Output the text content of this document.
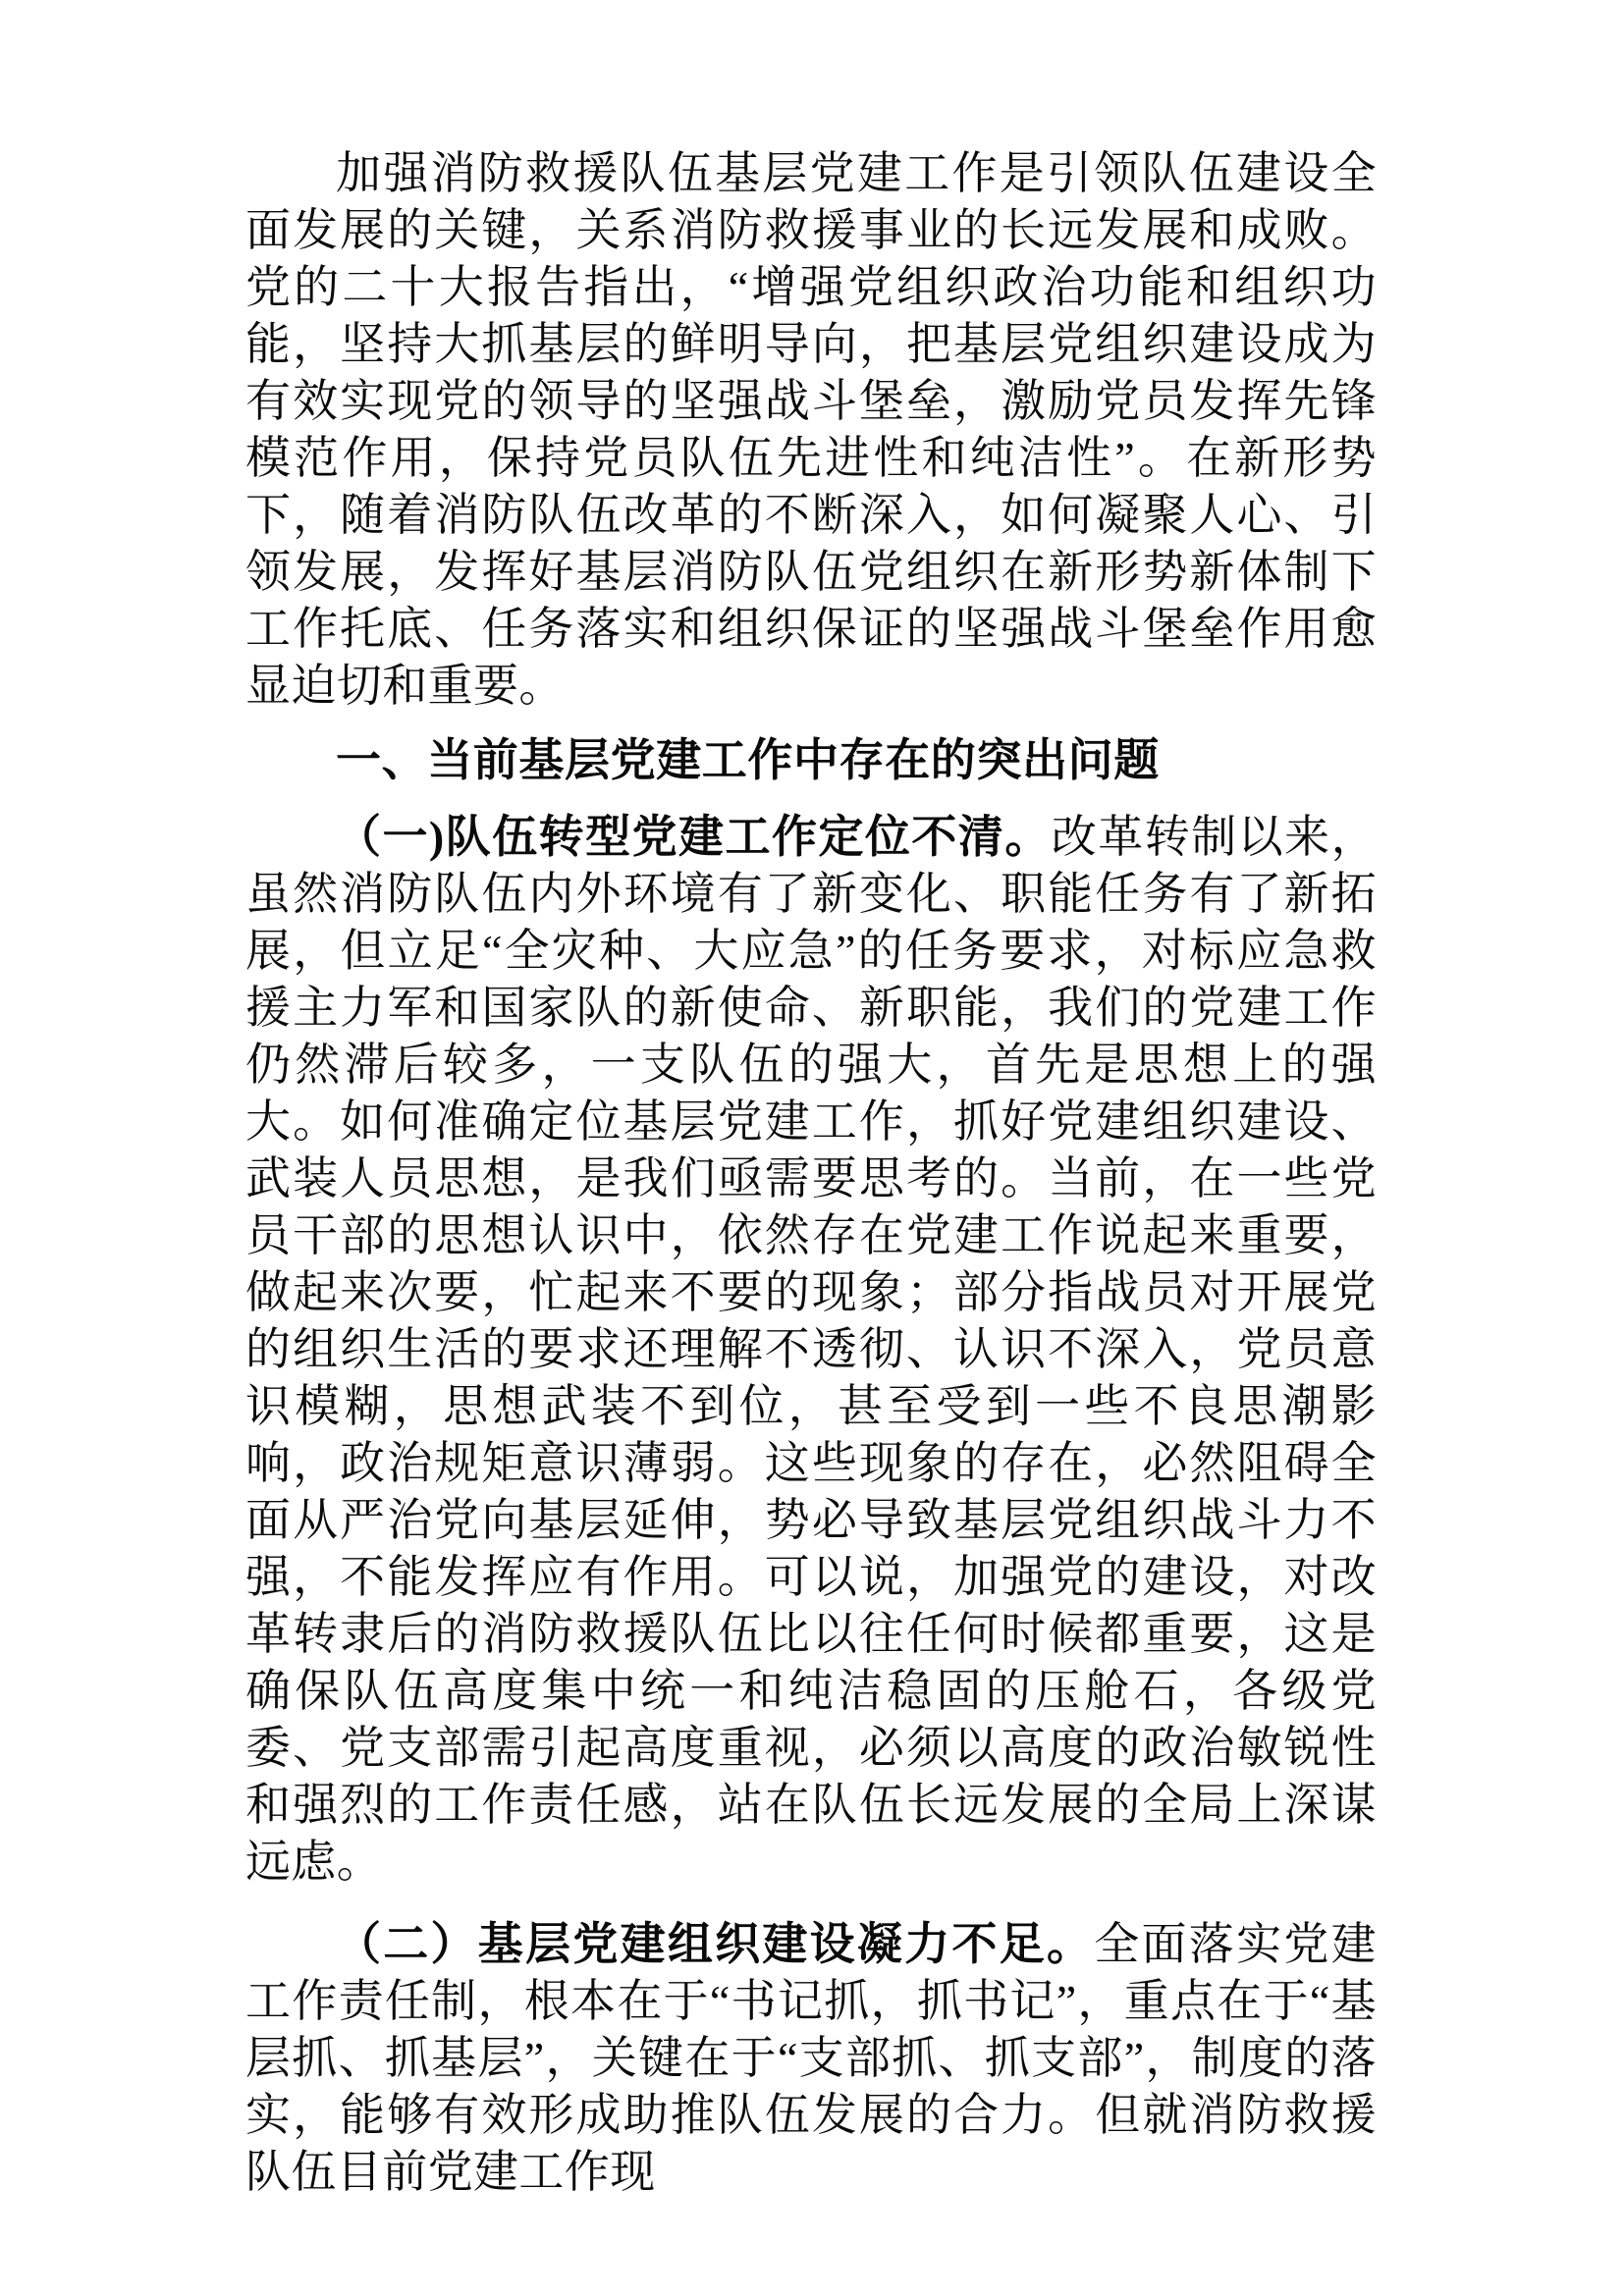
加强消防救援队伍基层党建工作是引领队伍建设全面发展的关键，关系消防救援事业的长远发展和成败。党的二十大报告指出，“增强党组织政治功能和组织功能，坚持大抓基层的鲜明导向，把基层党组织建设成为有效实现党的领导的坚强战斗堡垒，激励党员发挥先锋模范作用，保持党员队伍先进性和纯洁性”。在新形势下，随着消防队伍改革的不断深入，如何凝聚人心、引领发展，发挥好基层消防队伍党组织在新形势新体制下工作托底、任务落实和组织保证的坚强战斗堡垒作用愈显迫切和重要。

一、当前基层党建工作中存在的突出问题

（一)队伍转型党建工作定位不清。改革转制以来，虽然消防队伍内外环境有了新变化、职能任务有了新拓展，但立足“全灾种、大应急”的任务要求，对标应急救援主力军和国家队的新使命、新职能，我们的党建工作仍然滞后较多，一支队伍的强大，首先是思想上的强大。如何准确定位基层党建工作，抓好党建组织建设、武装人员思想，是我们亟需要思考的。当前，在一些党员干部的思想认识中，依然存在党建工作说起来重要，做起来次要，忙起来不要的现象；部分指战员对开展党的组织生活的要求还理解不透彻、认识不深入，党员意识模糊，思想武装不到位，甚至受到一些不良思潮影响，政治规矩意识薄弱。这些现象的存在，必然阻碍全面从严治党向基层延伸，势必导致基层党组织战斗力不强，不能发挥应有作用。可以说，加强党的建设，对改革转隶后的消防救援队伍比以往任何时候都重要，这是确保队伍高度集中统一和纯洁稳固的压舱石，各级党委、党支部需引起高度重视，必须以高度的政治敏锐性和强烈的工作责任感，站在队伍长远发展的全局上深谋远虑。

（二）基层党建组织建设凝力不足。全面落实党建工作责任制，根本在于“书记抓，抓书记”，重点在于“基层抓、抓基层”，关键在于“支部抓、抓支部”，制度的落实，能够有效形成助推队伍发展的合力。但就消防救援队伍目前党建工作现
